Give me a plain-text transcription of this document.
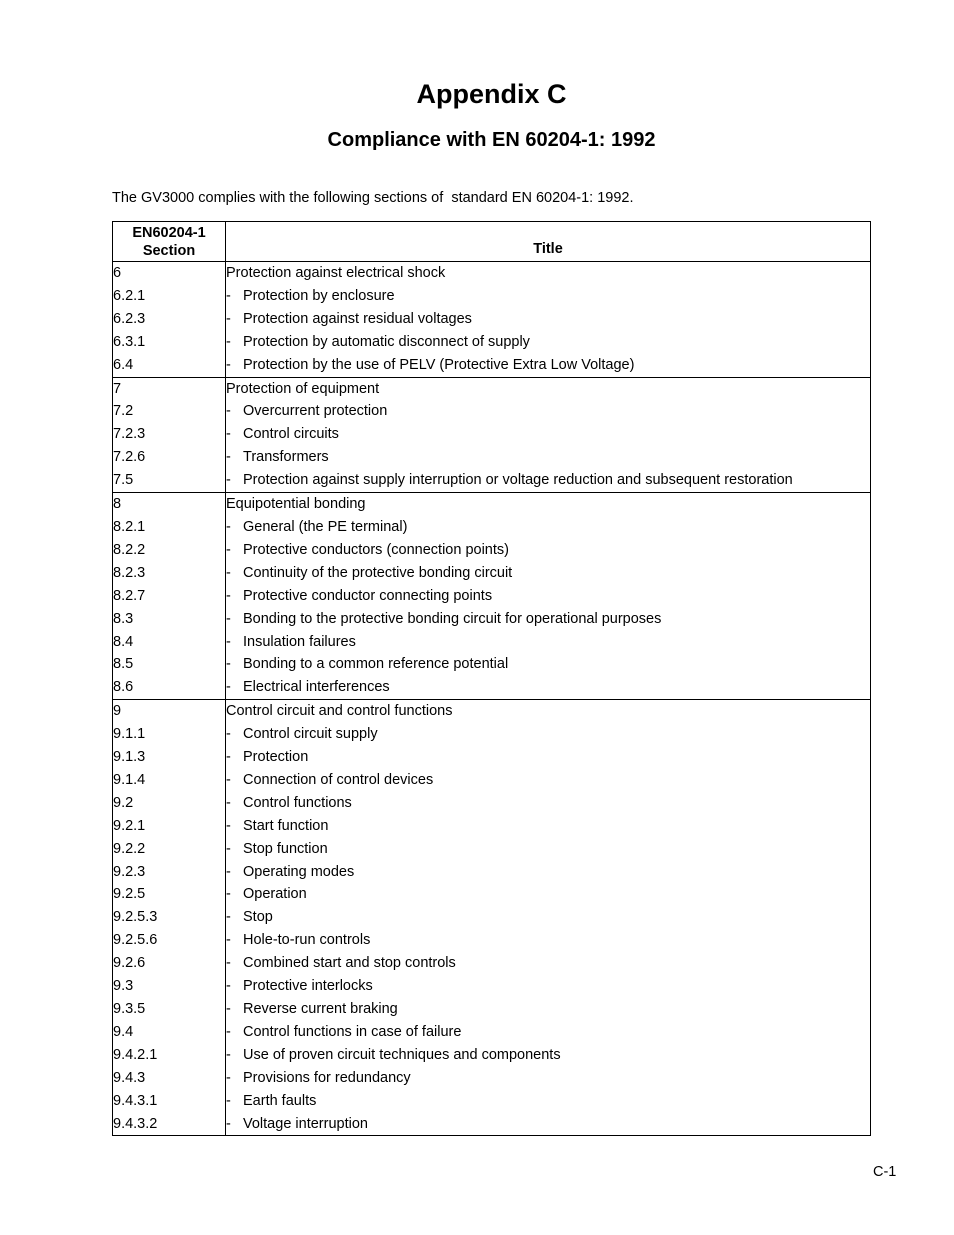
Appendix C
Compliance with EN 60204-1: 1992

The GV3000 complies with the following sections of  standard EN 60204-1: 1992.

EN60204-1
Section	Title
6	Protection against electrical shock
6.2.1	- Protection by enclosure
6.2.3	- Protection against residual voltages
6.3.1	- Protection by automatic disconnect of supply
6.4	- Protection by the use of PELV (Protective Extra Low Voltage)
7	Protection of equipment
7.2	- Overcurrent protection
7.2.3	- Control circuits
7.2.6	- Transformers
7.5	- Protection against supply interruption or voltage reduction and subsequent restoration
8	Equipotential bonding
8.2.1	- General (the PE terminal)
8.2.2	- Protective conductors (connection points)
8.2.3	- Continuity of the protective bonding circuit
8.2.7	- Protective conductor connecting points
8.3	- Bonding to the protective bonding circuit for operational purposes
8.4	- Insulation failures
8.5	- Bonding to a common reference potential
8.6	- Electrical interferences
9	Control circuit and control functions
9.1.1	- Control circuit supply
9.1.3	- Protection
9.1.4	- Connection of control devices
9.2	- Control functions
9.2.1	- Start function
9.2.2	- Stop function
9.2.3	- Operating modes
9.2.5	- Operation
9.2.5.3	- Stop
9.2.5.6	- Hole-to-run controls
9.2.6	- Combined start and stop controls
9.3	- Protective interlocks
9.3.5	- Reverse current braking
9.4	- Control functions in case of failure
9.4.2.1	- Use of proven circuit techniques and components
9.4.3	- Provisions for redundancy
9.4.3.1	- Earth faults
9.4.3.2	- Voltage interruption
C-1
